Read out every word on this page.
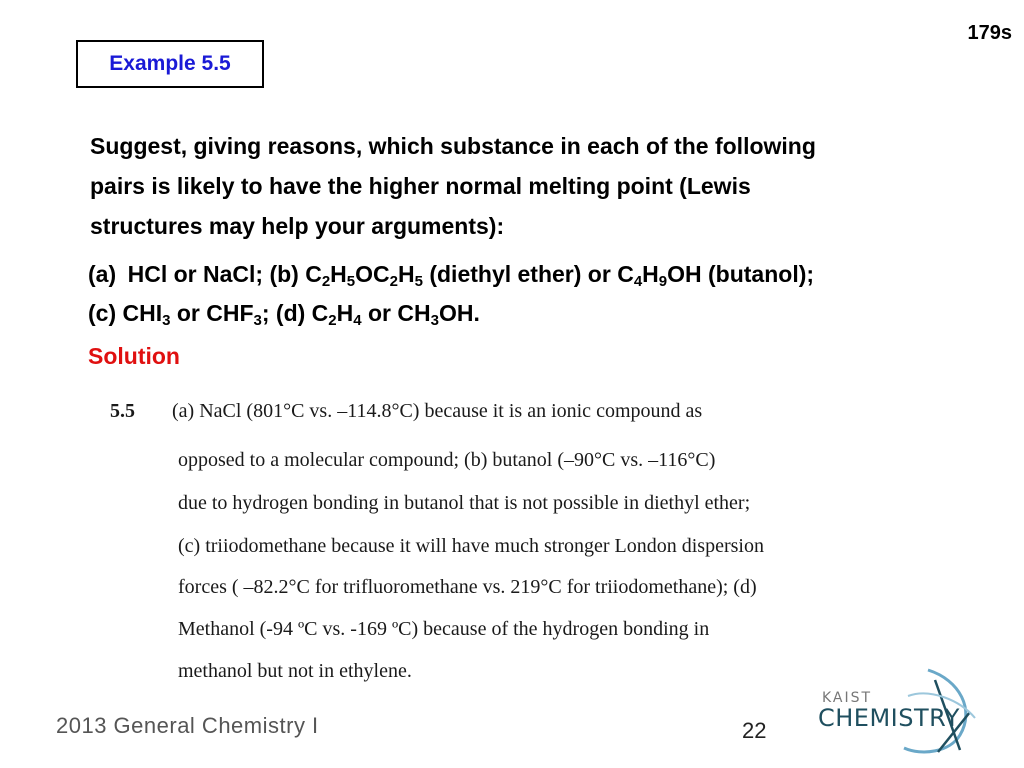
179s
Example 5.5
Suggest, giving reasons, which substance in each of the following
pairs is likely to have the higher normal melting point (Lewis
structures may help your arguments):
(a) HCl or NaCl; (b) $C_2H_5OC_2H_5$ (diethyl ether) or $C_4H_9OH$ (butanol);
(c) $CHI_3$ or $CHF_3$; (d) $C_2H_4$ or $CH_3OH$.
Solution
5.5 (a) NaCl (801°C vs. –114.8°C) because it is an ionic compound as
opposed to a molecular compound; (b) butanol (–90°C vs. –116°C)
due to hydrogen bonding in butanol that is not possible in diethyl ether;
(c) triiodomethane because it will have much stronger London dispersion
forces ( –82.2°C for trifluoromethane vs. 219°C for triiodomethane); (d)
Methanol (-94 ºC vs. -169 ºC) because of the hydrogen bonding in
methanol but not in ethylene.
2013 General Chemistry I	22
KAIST
CHEMISTRY
